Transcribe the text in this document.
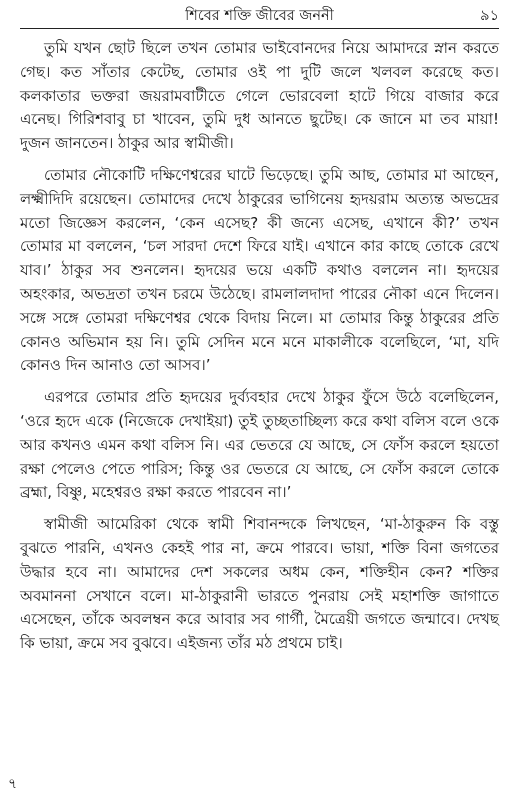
শিবের শক্তি জীবের জননী	৯১

তুমি যখন ছোট ছিলে তখন তোমার ভাইবোনদের নিয়ে আমাদরে স্নান করতে গেছ। কত সাঁতার কেটেছ, তোমার ওই পা দুটি জলে খলবল করেছে কত। কলকাতার ভক্তরা জয়রামবাটীতে গেলে ভোরবেলা হাটে গিয়ে বাজার করে এনেছ। গিরিশবাবু চা খাবেন, তুমি দুধ আনতে ছুটেছ। কে জানে মা তব মায়া! দুজন জানতেন। ঠাকুর আর স্বামীজী।

তোমার নৌকোটি দক্ষিণেশ্বরের ঘাটে ভিড়েছে। তুমি আছ, তোমার মা আছেন, লক্ষ্মীদিদি রয়েছেন। তোমাদের দেখে ঠাকুরের ভাগিনেয় হৃদয়রাম অত্যন্ত অভদ্রের মতো জিজ্ঞেস করলেন, ‘কেন এসেছ? কী জন্যে এসেছ, এখানে কী?’ তখন তোমার মা বললেন, ‘চল সারদা দেশে ফিরে যাই। এখানে কার কাছে তোকে রেখে যাব।’ ঠাকুর সব শুনলেন। হৃদয়ের ভয়ে একটি কথাও বললেন না। হৃদয়ের অহংকার, অভদ্রতা তখন চরমে উঠেছে। রামলালদাদা পারের নৌকা এনে দিলেন। সঙ্গে সঙ্গে তোমরা দক্ষিণেশ্বর থেকে বিদায় নিলে। মা তোমার কিন্তু ঠাকুরের প্রতি কোনও অভিমান হয় নি। তুমি সেদিন মনে মনে মাকালীকে বলেছিলে, ‘মা, যদি কোনও দিন আনাও তো আসব।’

এরপরে তোমার প্রতি হৃদয়ের দুর্ব্যবহার দেখে ঠাকুর ফুঁসে উঠে বলেছিলেন, ‘ওরে হৃদে একে (নিজেকে দেখাইয়া) তুই তুচ্ছতাচ্ছিল্য করে কথা বলিস বলে ওকে আর কখনও এমন কথা বলিস নি। এর ভেতরে যে আছে, সে ফোঁস করলে হয়তো রক্ষা পেলেও পেতে পারিস; কিন্তু ওর ভেতরে যে আছে, সে ফোঁস করলে তোকে ব্রহ্মা, বিষ্ণু, মহেশ্বরও রক্ষা করতে পারবেন না।’

স্বামীজী আমেরিকা থেকে স্বামী শিবানন্দকে লিখছেন, ‘মা-ঠাকুরুন কি বস্তু বুঝতে পারনি, এখনও কেহই পার না, ক্রমে পারবে। ভায়া, শক্তি বিনা জগতের উদ্ধার হবে না। আমাদের দেশ সকলের অধম কেন, শক্তিহীন কেন? শক্তির অবমাননা সেখানে বলে। মা-ঠাকুরানী ভারতে পুনরায় সেই মহাশক্তি জাগাতে এসেছেন, তাঁকে অবলম্বন করে আবার সব গার্গী, মৈত্রেয়ী জগতে জন্মাবে। দেখছ কি ভায়া, ক্রমে সব বুঝবে। এইজন্য তাঁর মঠ প্রথমে চাই।

৭
